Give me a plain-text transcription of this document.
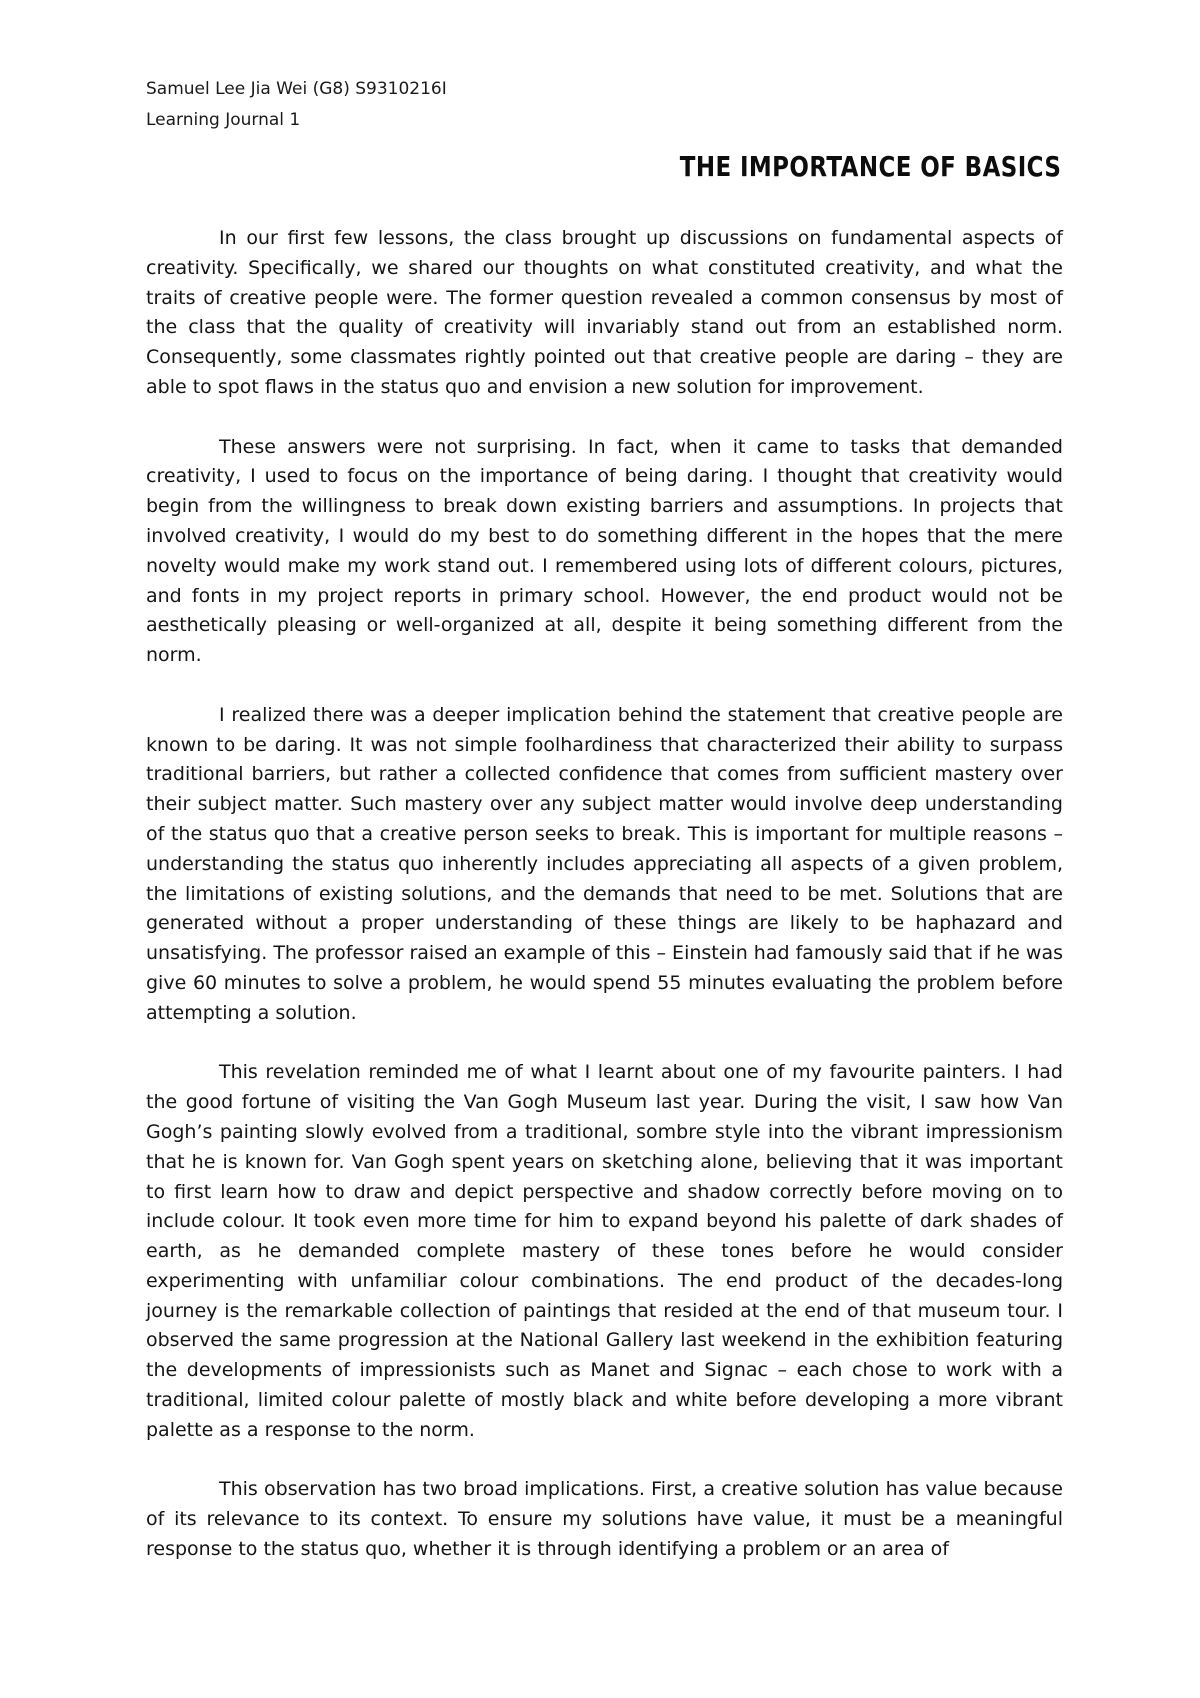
Samuel Lee Jia Wei (G8) S9310216I
Learning Journal 1
THE IMPORTANCE OF BASICS

In our first few lessons, the class brought up discussions on fundamental aspects of creativity. Specifically, we shared our thoughts on what constituted creativity, and what the traits of creative people were. The former question revealed a common consensus by most of the class that the quality of creativity will invariably stand out from an established norm. Consequently, some classmates rightly pointed out that creative people are daring – they are able to spot flaws in the status quo and envision a new solution for improvement.

These answers were not surprising. In fact, when it came to tasks that demanded creativity, I used to focus on the importance of being daring. I thought that creativity would begin from the willingness to break down existing barriers and assumptions. In projects that involved creativity, I would do my best to do something different in the hopes that the mere novelty would make my work stand out. I remembered using lots of different colours, pictures, and fonts in my project reports in primary school. However, the end product would not be aesthetically pleasing or well-organized at all, despite it being something different from the norm.

I realized there was a deeper implication behind the statement that creative people are known to be daring. It was not simple foolhardiness that characterized their ability to surpass traditional barriers, but rather a collected confidence that comes from sufficient mastery over their subject matter. Such mastery over any subject matter would involve deep understanding of the status quo that a creative person seeks to break. This is important for multiple reasons – understanding the status quo inherently includes appreciating all aspects of a given problem, the limitations of existing solutions, and the demands that need to be met. Solutions that are generated without a proper understanding of these things are likely to be haphazard and unsatisfying. The professor raised an example of this – Einstein had famously said that if he was give 60 minutes to solve a problem, he would spend 55 minutes evaluating the problem before attempting a solution.

This revelation reminded me of what I learnt about one of my favourite painters. I had the good fortune of visiting the Van Gogh Museum last year. During the visit, I saw how Van Gogh’s painting slowly evolved from a traditional, sombre style into the vibrant impressionism that he is known for. Van Gogh spent years on sketching alone, believing that it was important to first learn how to draw and depict perspective and shadow correctly before moving on to include colour. It took even more time for him to expand beyond his palette of dark shades of earth, as he demanded complete mastery of these tones before he would consider experimenting with unfamiliar colour combinations. The end product of the decades-long journey is the remarkable collection of paintings that resided at the end of that museum tour. I observed the same progression at the National Gallery last weekend in the exhibition featuring the developments of impressionists such as Manet and Signac – each chose to work with a traditional, limited colour palette of mostly black and white before developing a more vibrant palette as a response to the norm.

This observation has two broad implications. First, a creative solution has value because of its relevance to its context. To ensure my solutions have value, it must be a meaningful response to the status quo, whether it is through identifying a problem or an area of
